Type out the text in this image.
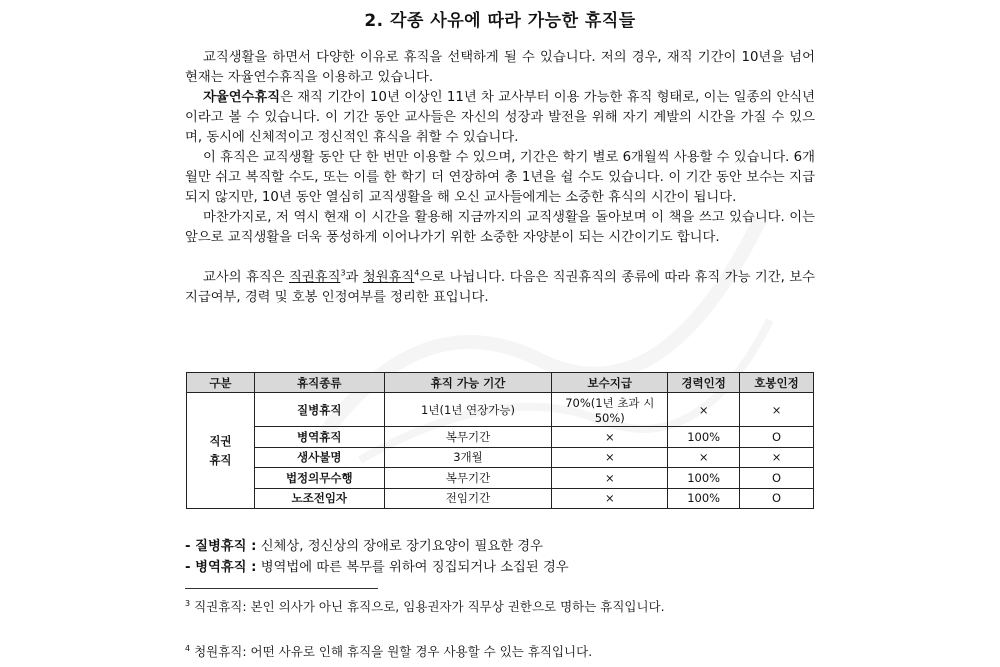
2. 각종 사유에 따라 가능한 휴직들

교직생활을 하면서 다양한 이유로 휴직을 선택하게 될 수 있습니다. 저의 경우, 재직 기간이 10년을 넘어 현재는 자율연수휴직을 이용하고 있습니다.

자율연수휴직은 재직 기간이 10년 이상인 11년 차 교사부터 이용 가능한 휴직 형태로, 이는 일종의 안식년이라고 볼 수 있습니다. 이 기간 동안 교사들은 자신의 성장과 발전을 위해 자기 계발의 시간을 가질 수 있으며, 동시에 신체적이고 정신적인 휴식을 취할 수 있습니다.

이 휴직은 교직생활 동안 단 한 번만 이용할 수 있으며, 기간은 학기 별로 6개월씩 사용할 수 있습니다. 6개월만 쉬고 복직할 수도, 또는 이를 한 학기 더 연장하여 총 1년을 쉴 수도 있습니다. 이 기간 동안 보수는 지급되지 않지만, 10년 동안 열심히 교직생활을 해 오신 교사들에게는 소중한 휴식의 시간이 됩니다.

마찬가지로, 저 역시 현재 이 시간을 활용해 지금까지의 교직생활을 돌아보며 이 책을 쓰고 있습니다. 이는 앞으로 교직생활을 더욱 풍성하게 이어나가기 위한 소중한 자양분이 되는 시간이기도 합니다.

교사의 휴직은 직권휴직$^3$과 청원휴직$^4$으로 나뉩니다. 다음은 직권휴직의 종류에 따라 휴직 가능 기간, 보수지급여부, 경력 및 호봉 인정여부를 정리한 표입니다.

구분	휴직종류	휴직 가능 기간	보수지급	경력인정	호봉인정
직권
휴직	질병휴직	1년(1년 연장가능)	70%(1년 초과 시 50%)	×	×
	병역휴직	복무기간	×	100%	O
	생사불명	3개월	×	×	×
	법정의무수행	복무기간	×	100%	O
	노조전임자	전임기간	×	100%	O
- 질병휴직 : 신체상, 정신상의 장애로 장기요양이 필요한 경우
- 병역휴직 : 병역법에 따른 복무를 위하여 징집되거나 소집된 경우
$^3$ 직권휴직: 본인 의사가 아닌 휴직으로, 임용권자가 직무상 권한으로 명하는 휴직입니다.
$^4$ 청원휴직: 어떤 사유로 인해 휴직을 원할 경우 사용할 수 있는 휴직입니다.
